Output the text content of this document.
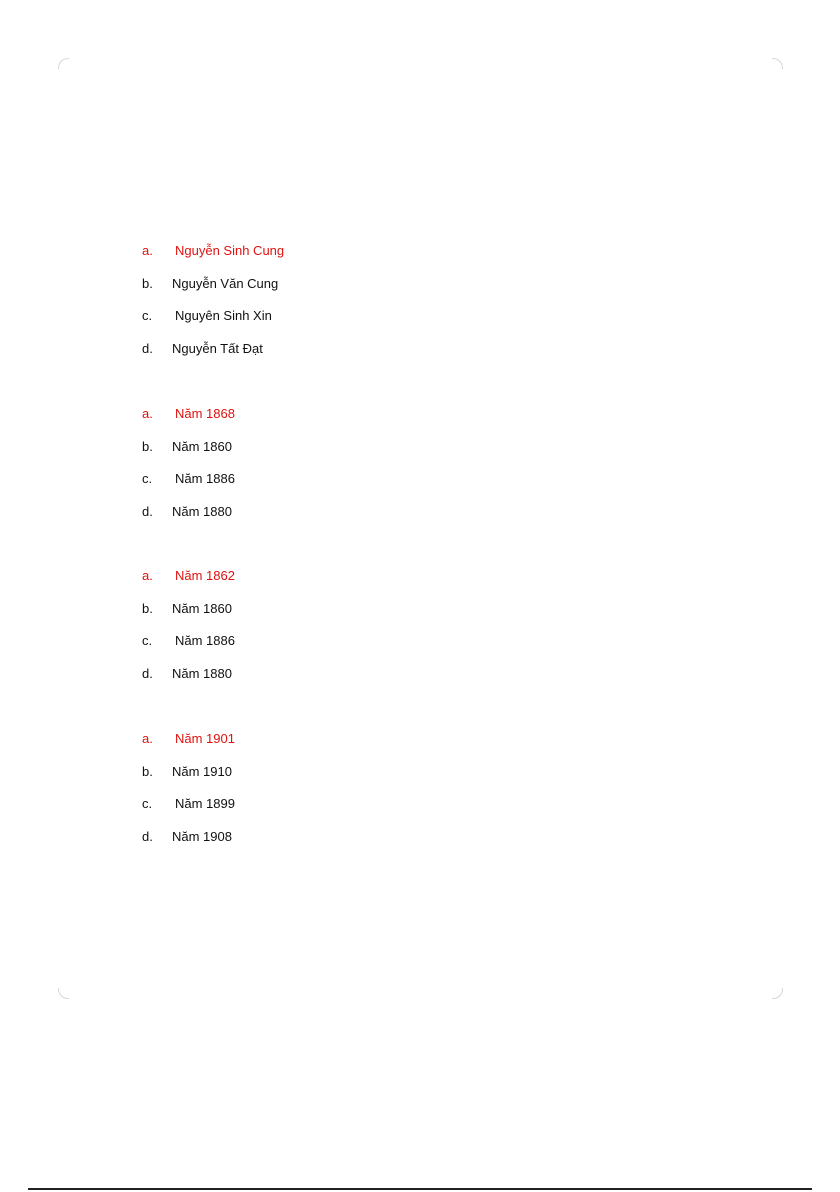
a.	Nguyễn Sinh Cung
b.	Nguyễn Văn Cung
c.	Nguyên Sinh Xin
d.	Nguyễn Tất Đạt
a.	Năm 1868
b.	Năm 1860
c.	Năm 1886
d.	Năm 1880
a.	Năm 1862
b.	Năm 1860
c.	Năm 1886
d.	Năm 1880
a.	Năm 1901
b.	Năm 1910
c.	Năm 1899
d.	Năm 1908
